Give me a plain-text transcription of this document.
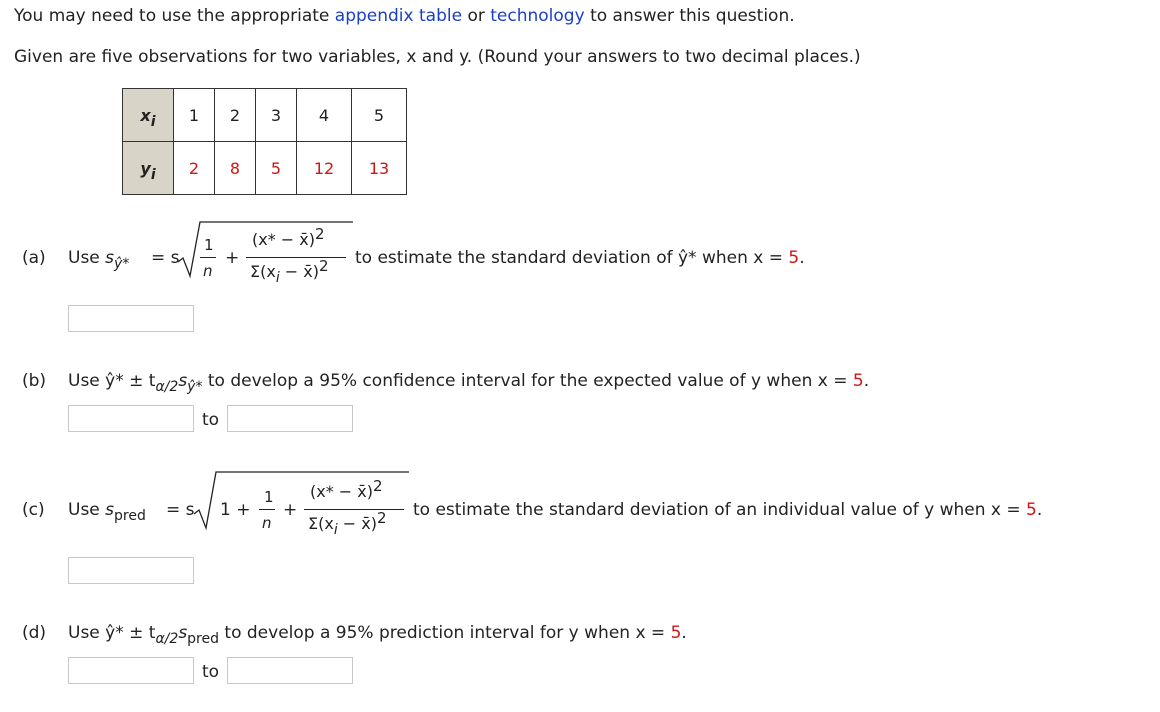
You may need to use the appropriate appendix table or technology to answer this question.
Given are five observations for two variables, x and y. (Round your answers to two decimal places.)
xi	1	2	3	4	5
yi	2	8	5	12	13
(a) Use $s_{ŷ*} = s$
1
n
+
(x* − x̄)2
Σ(xi − x̄)2 to estimate the standard deviation of ŷ* when x = 5.
(b) Use ŷ* ± $t_{\alpha/2}s_{ŷ*}$ to develop a 95% confidence interval for the expected value of y when x = 5.
to
(c) Use $s_{pred} = s$ 1 +
1
n
+
(x* − x̄)2
Σ(xi − x̄)2 to estimate the standard deviation of an individual value of y when x = 5.
(d) Use ŷ* ± $t_{\alpha/2}s_{pred}$ to develop a 95% prediction interval for y when x = 5.
to
